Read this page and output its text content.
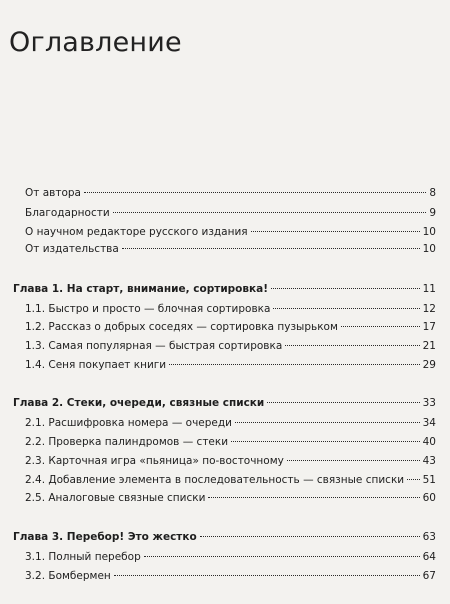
Оглавление
От автора	8
Благодарности	9
О научном редакторе русского издания	10
От издательства	10
Глава 1. На старт, внимание, сортировка!	11
1.1. Быстро и просто — блочная сортировка	12
1.2. Рассказ о добрых соседях — сортировка пузырьком	17
1.3. Самая популярная — быстрая сортировка	21
1.4. Сеня покупает книги	29
Глава 2. Стеки, очереди, связные списки	33
2.1. Расшифровка номера — очереди	34
2.2. Проверка палиндромов — стеки	40
2.3. Карточная игра «пьяница» по-восточному	43
2.4. Добавление элемента в последовательность — связные списки 51
2.5. Аналоговые связные списки	60
Глава 3. Перебор! Это жестко	63
3.1. Полный перебор	64
3.2. Бомбермен	67
